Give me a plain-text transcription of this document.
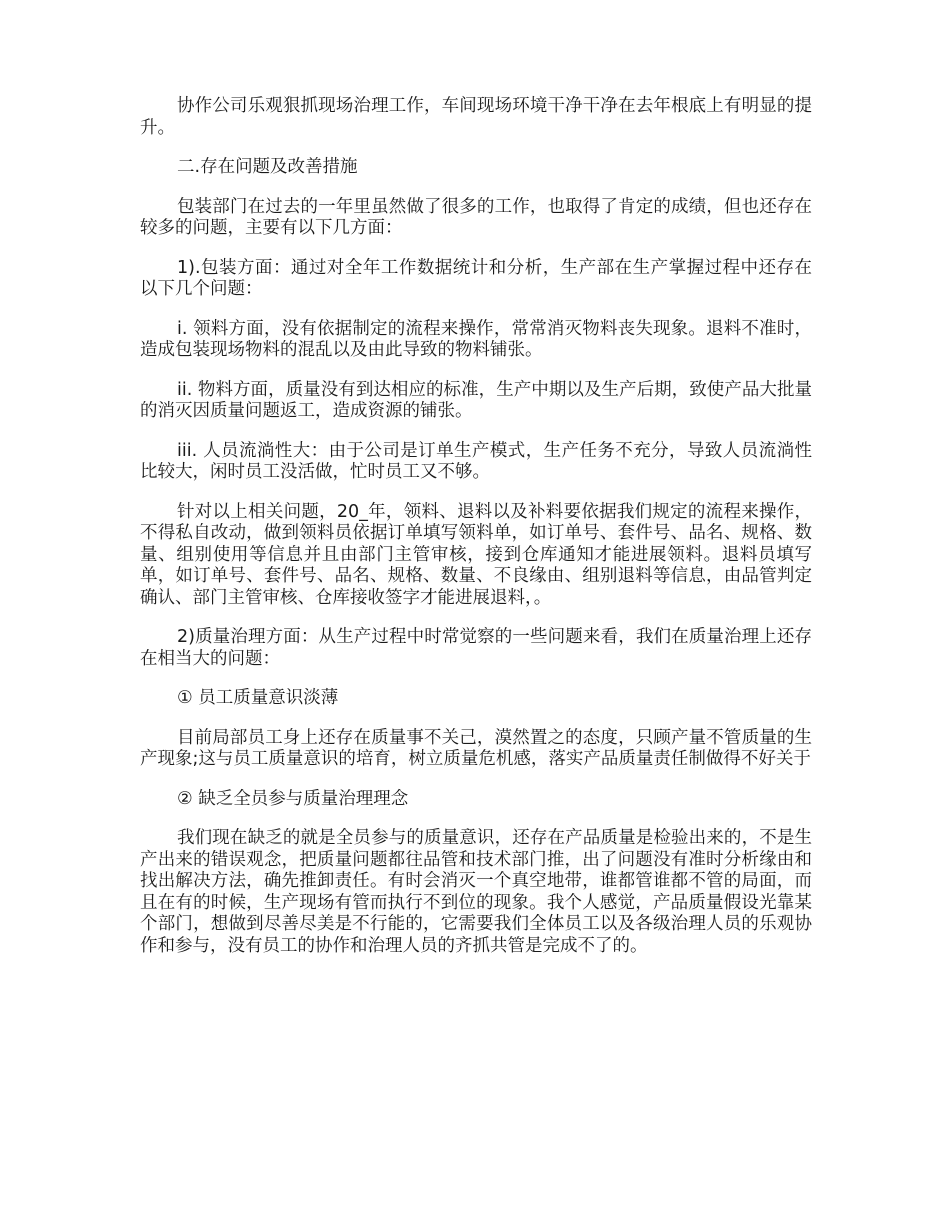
协作公司乐观狠抓现场治理工作，车间现场环境干净干净在去年根底上有明显的提升。

二.存在问题及改善措施

包装部门在过去的一年里虽然做了很多的工作，也取得了肯定的成绩，但也还存在较多的问题，主要有以下几方面：

1).包装方面：通过对全年工作数据统计和分析，生产部在生产掌握过程中还存在以下几个问题：

i. 领料方面，没有依据制定的流程来操作，常常消灭物料丧失现象。退料不准时，造成包装现场物料的混乱以及由此导致的物料铺张。

ii. 物料方面，质量没有到达相应的标准，生产中期以及生产后期，致使产品大批量的消灭因质量问题返工，造成资源的铺张。

iii. 人员流淌性大：由于公司是订单生产模式，生产任务不充分，导致人员流淌性比较大，闲时员工没活做，忙时员工又不够。

针对以上相关问题，20_年，领料、退料以及补料要依据我们规定的流程来操作，不得私自改动，做到领料员依据订单填写领料单，如订单号、套件号、品名、规格、数量、组别使用等信息并且由部门主管审核，接到仓库通知才能进展领料。退料员填写单，如订单号、套件号、品名、规格、数量、不良缘由、组别退料等信息，由品管判定确认、部门主管审核、仓库接收签字才能进展退料，。

2)质量治理方面：从生产过程中时常觉察的一些问题来看，我们在质量治理上还存在相当大的问题：

① 员工质量意识淡薄

目前局部员工身上还存在质量事不关己，漠然置之的态度，只顾产量不管质量的生产现象;这与员工质量意识的培育，树立质量危机感，落实产品质量责任制做得不好关于

② 缺乏全员参与质量治理理念

我们现在缺乏的就是全员参与的质量意识，还存在产品质量是检验出来的，不是生产出来的错误观念，把质量问题都往品管和技术部门推，出了问题没有准时分析缘由和找出解决方法，确先推卸责任。有时会消灭一个真空地带，谁都管谁都不管的局面，而且在有的时候，生产现场有管而执行不到位的现象。我个人感觉，产品质量假设光靠某个部门，想做到尽善尽美是不行能的，它需要我们全体员工以及各级治理人员的乐观协作和参与，没有员工的协作和治理人员的齐抓共管是完成不了的。
